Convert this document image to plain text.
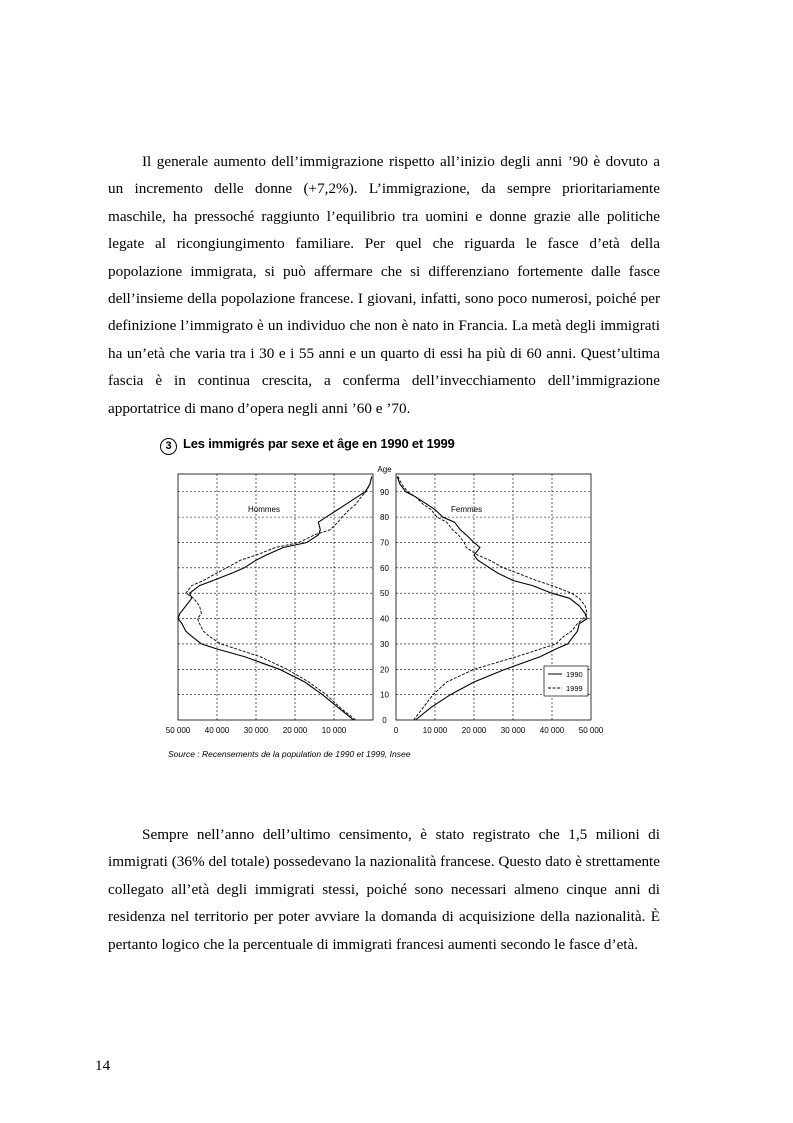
Il generale aumento dell’immigrazione rispetto all’inizio degli anni ’90 è dovuto a un incremento delle donne (+7,2%). L’immigrazione, da sempre prioritariamente maschile, ha pressoché raggiunto l’equilibrio tra uomini e donne grazie alle politiche legate al ricongiungimento familiare. Per quel che riguarda le fasce d’età della popolazione immigrata, si può affermare che si differenziano fortemente dalle fasce dell’insieme della popolazione francese. I giovani, infatti, sono poco numerosi, poiché per definizione l’immigrato è un individuo che non è nato in Francia. La metà degli immigrati ha un’età che varia tra i 30 e i 55 anni e un quarto di essi ha più di 60 anni. Quest’ultima fascia è in continua crescita, a conferma dell’invecchiamento dell’immigrazione apportatrice di mano d’opera negli anni ’60 e ’70.

3 Les immigrés par sexe et âge en 1990 et 1999
50 000 40 000 30 000 20 000 10 000
Hommes
0	10 000 20 000 30 000 40 000 50 000
Femmes
0
10
20
30
40
50
60
70
80
90
Age
1990
1999
Source : Recensements de la population de 1990 et 1999, Insee

Sempre nell’anno dell’ultimo censimento, è stato registrato che 1,5 milioni di immigrati (36% del totale) possedevano la nazionalità francese. Questo dato è strettamente collegato all’età degli immigrati stessi, poiché sono necessari almeno cinque anni di residenza nel territorio per poter avviare la domanda di acquisizione della nazionalità. È pertanto logico che la percentuale di immigrati francesi aumenti secondo le fasce d’età.

14
